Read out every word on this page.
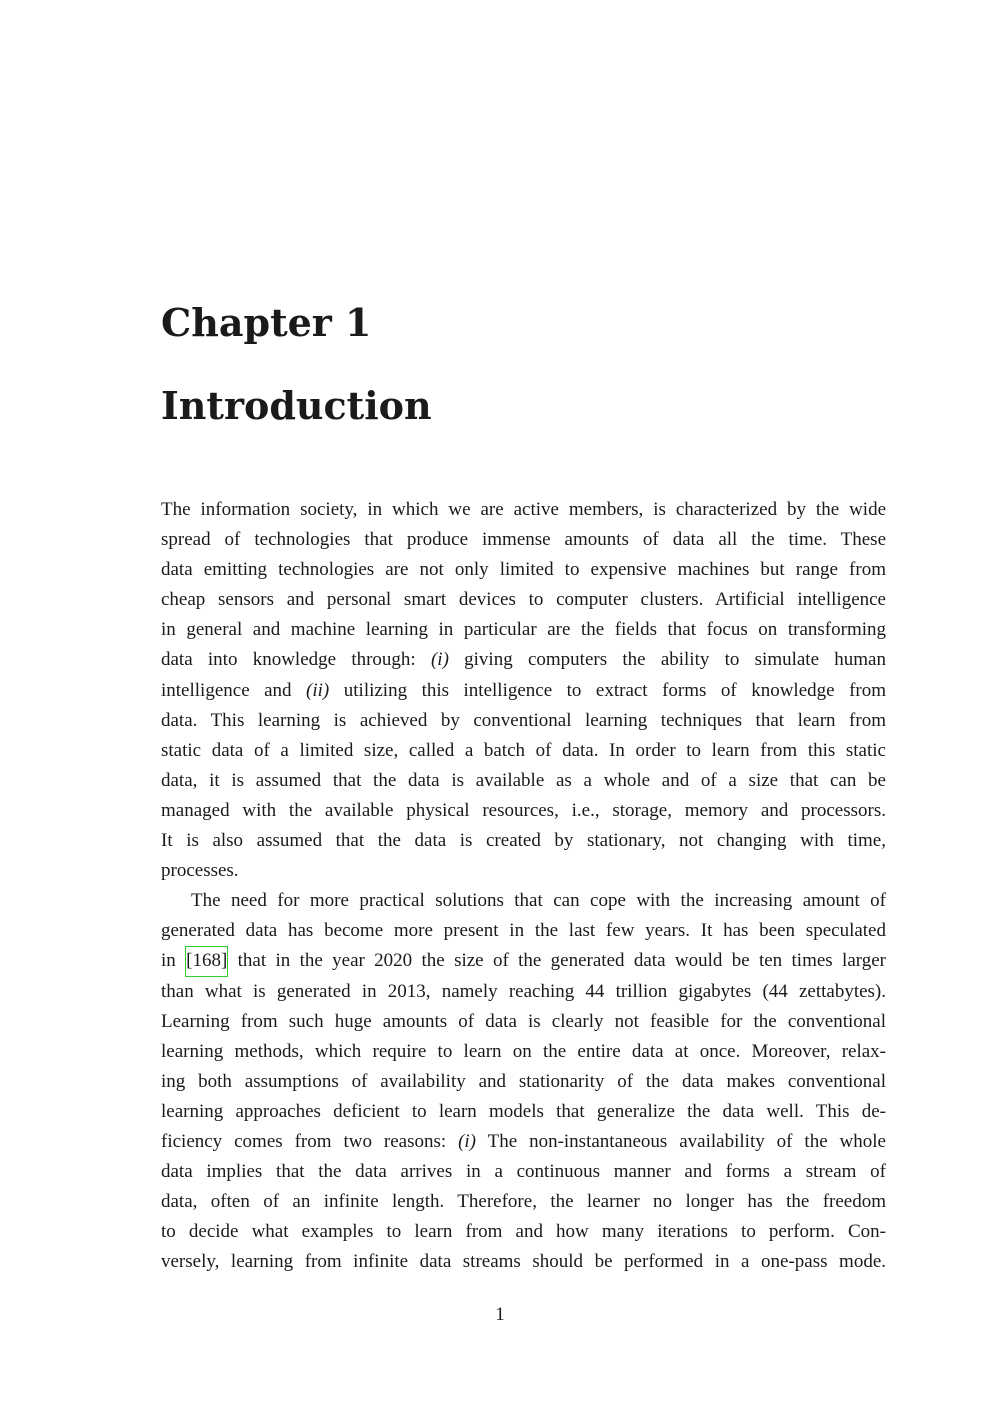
Chapter 1
Introduction
The information society, in which we are active members, is characterized by the wide
spread of technologies that produce immense amounts of data all the time. These
data emitting technologies are not only limited to expensive machines but range from
cheap sensors and personal smart devices to computer clusters. Artificial intelligence
in general and machine learning in particular are the fields that focus on transforming
data into knowledge through: (i) giving computers the ability to simulate human
intelligence and (ii) utilizing this intelligence to extract forms of knowledge from
data. This learning is achieved by conventional learning techniques that learn from
static data of a limited size, called a batch of data. In order to learn from this static
data, it is assumed that the data is available as a whole and of a size that can be
managed with the available physical resources, i.e., storage, memory and processors.
It is also assumed that the data is created by stationary, not changing with time,
processes.
The need for more practical solutions that can cope with the increasing amount of
generated data has become more present in the last few years. It has been speculated
in [168] that in the year 2020 the size of the generated data would be ten times larger
than what is generated in 2013, namely reaching 44 trillion gigabytes (44 zettabytes).
Learning from such huge amounts of data is clearly not feasible for the conventional
learning methods, which require to learn on the entire data at once. Moreover, relax-
ing both assumptions of availability and stationarity of the data makes conventional
learning approaches deficient to learn models that generalize the data well. This de-
ficiency comes from two reasons: (i) The non-instantaneous availability of the whole
data implies that the data arrives in a continuous manner and forms a stream of
data, often of an infinite length. Therefore, the learner no longer has the freedom
to decide what examples to learn from and how many iterations to perform. Con-
versely, learning from infinite data streams should be performed in a one-pass mode.
1
